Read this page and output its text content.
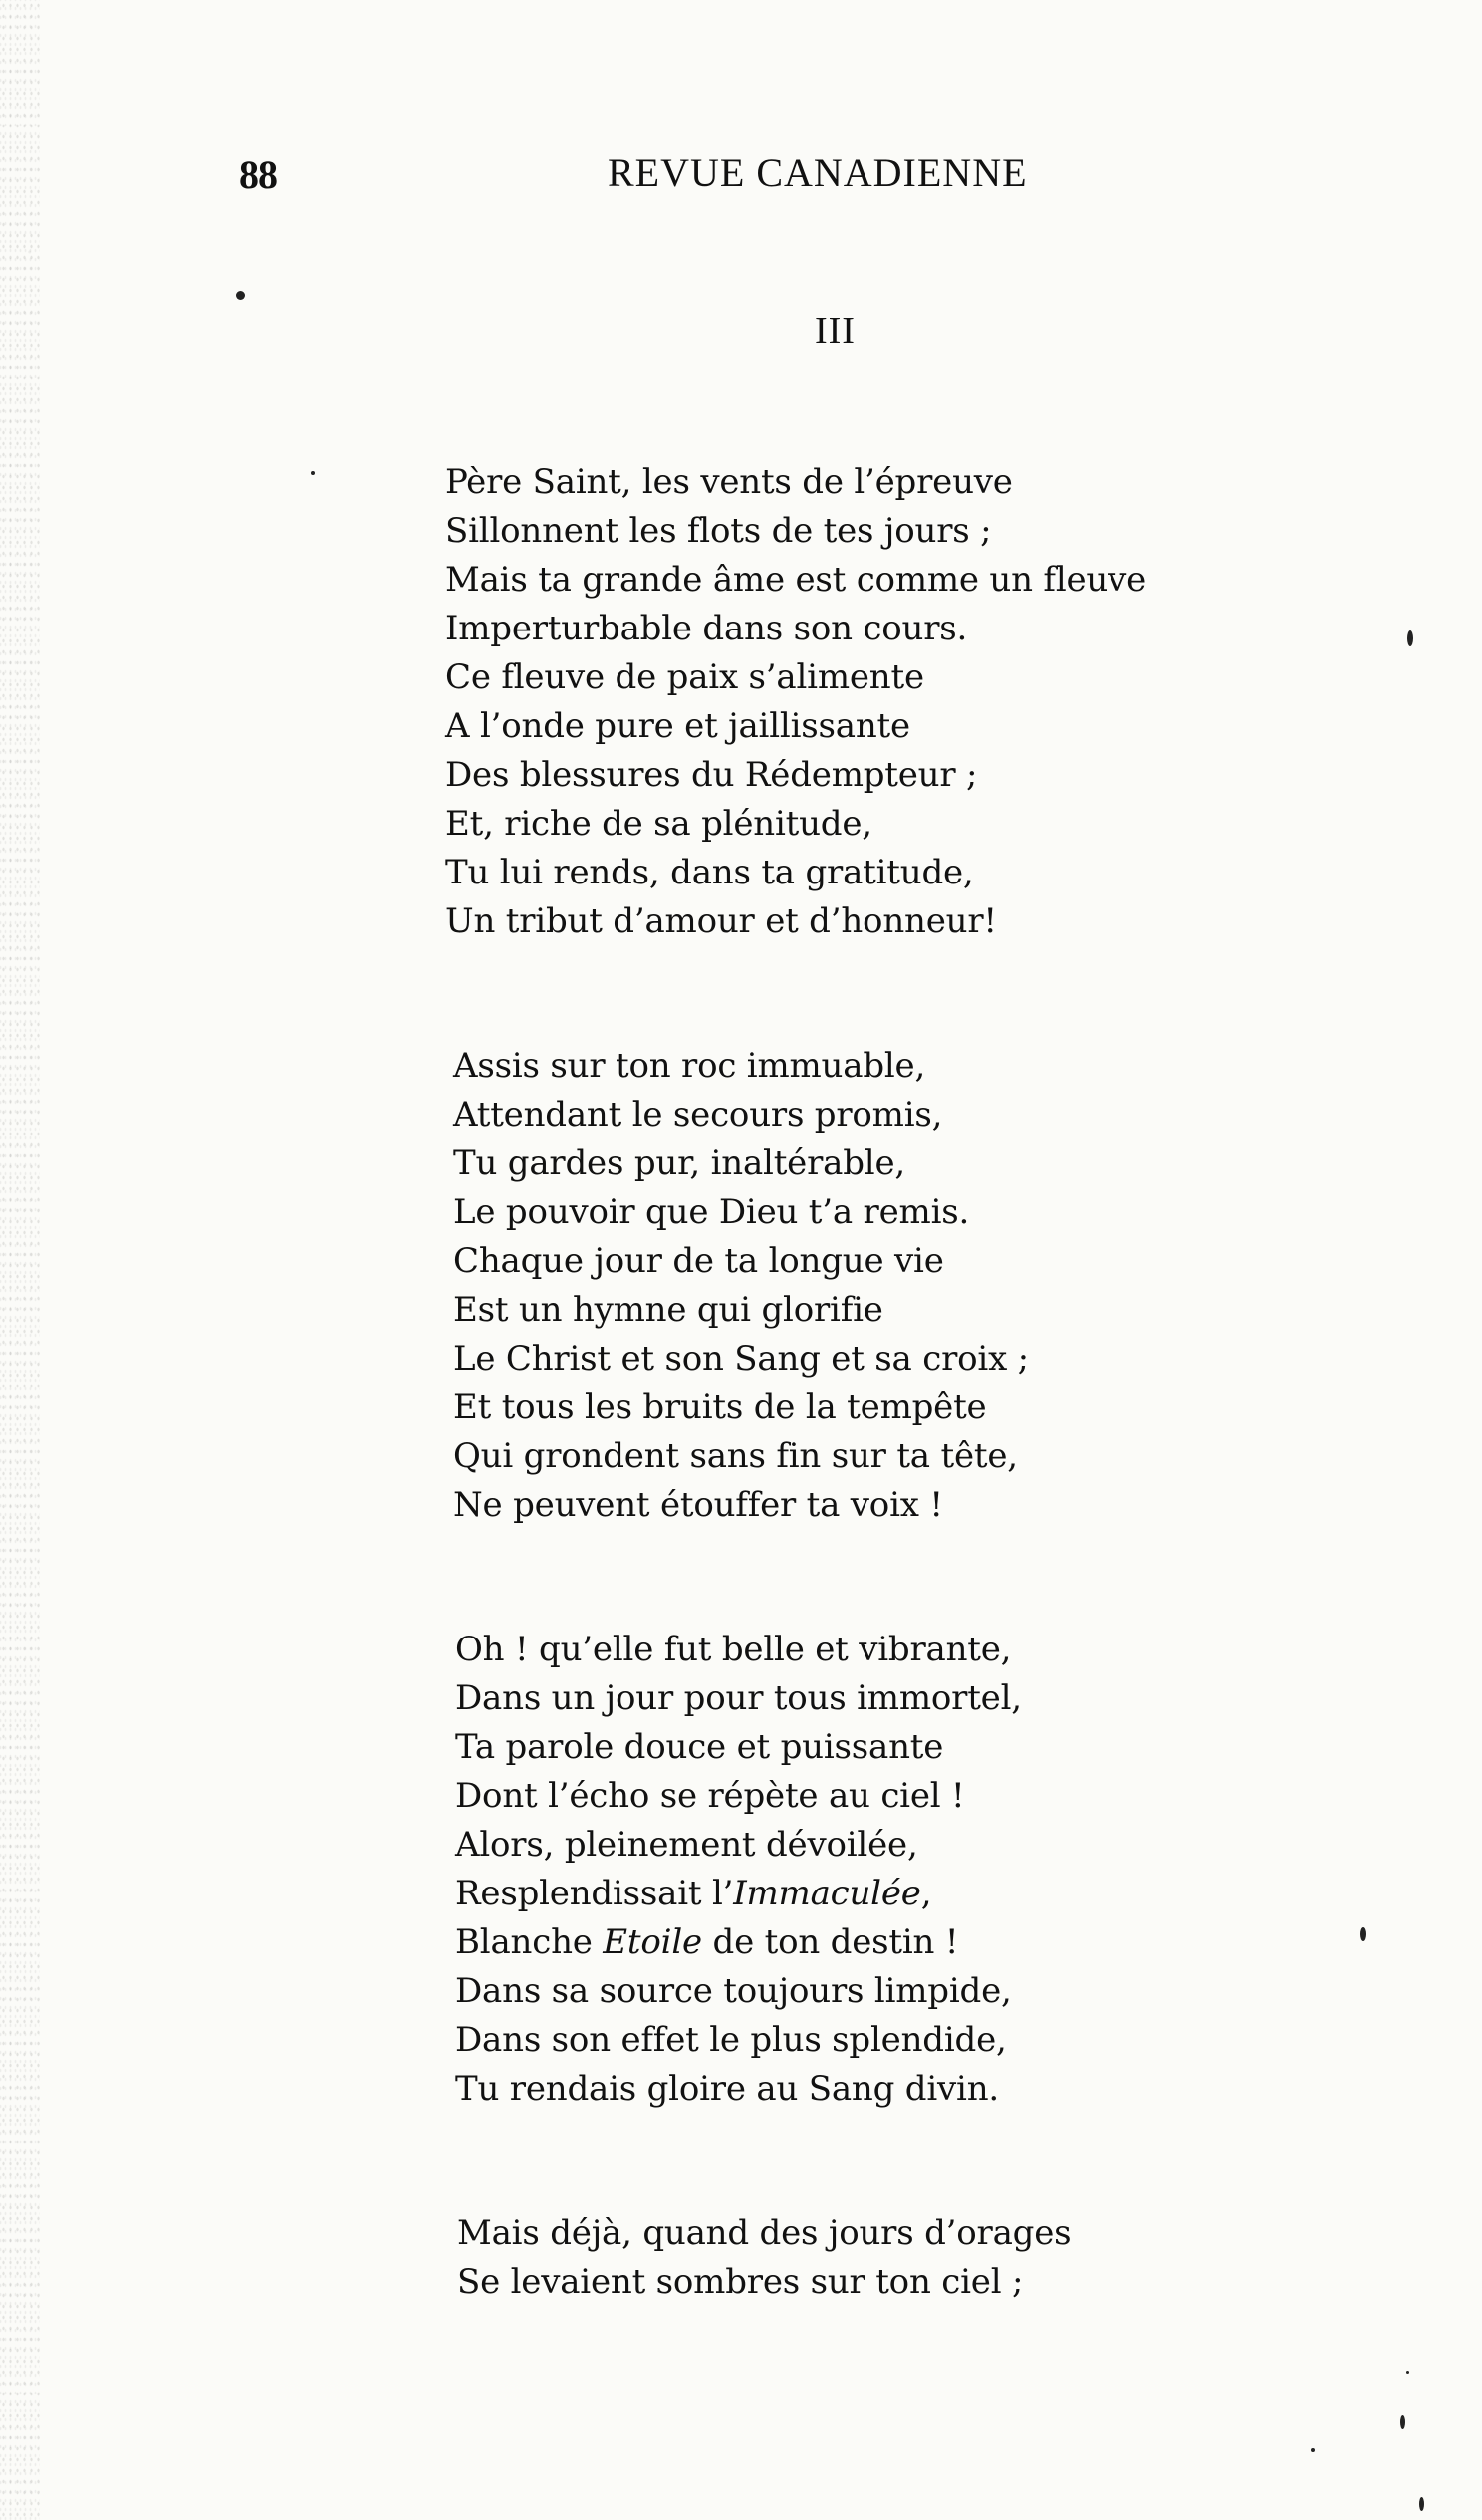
88	REVUE CANADIENNE
III
Père Saint, les vents de l’épreuve
Sillonnent les flots de tes jours ;
Mais ta grande âme est comme un fleuve
Imperturbable dans son cours.
Ce fleuve de paix s’alimente
A l’onde pure et jaillissante
Des blessures du Rédempteur ;
Et, riche de sa plénitude,
Tu lui rends, dans ta gratitude,
Un tribut d’amour et d’honneur!
Assis sur ton roc immuable,
Attendant le secours promis,
Tu gardes pur, inaltérable,
Le pouvoir que Dieu t’a remis.
Chaque jour de ta longue vie
Est un hymne qui glorifie
Le Christ et son Sang et sa croix ;
Et tous les bruits de la tempête
Qui grondent sans fin sur ta tête,
Ne peuvent étouffer ta voix !
Oh ! qu’elle fut belle et vibrante,
Dans un jour pour tous immortel,
Ta parole douce et puissante
Dont l’écho se répète au ciel !
Alors, pleinement dévoilée,
Resplendissait l’Immaculée,
Blanche Etoile de ton destin !
Dans sa source toujours limpide,
Dans son effet le plus splendide,
Tu rendais gloire au Sang divin.
Mais déjà, quand des jours d’orages
Se levaient sombres sur ton ciel ;
